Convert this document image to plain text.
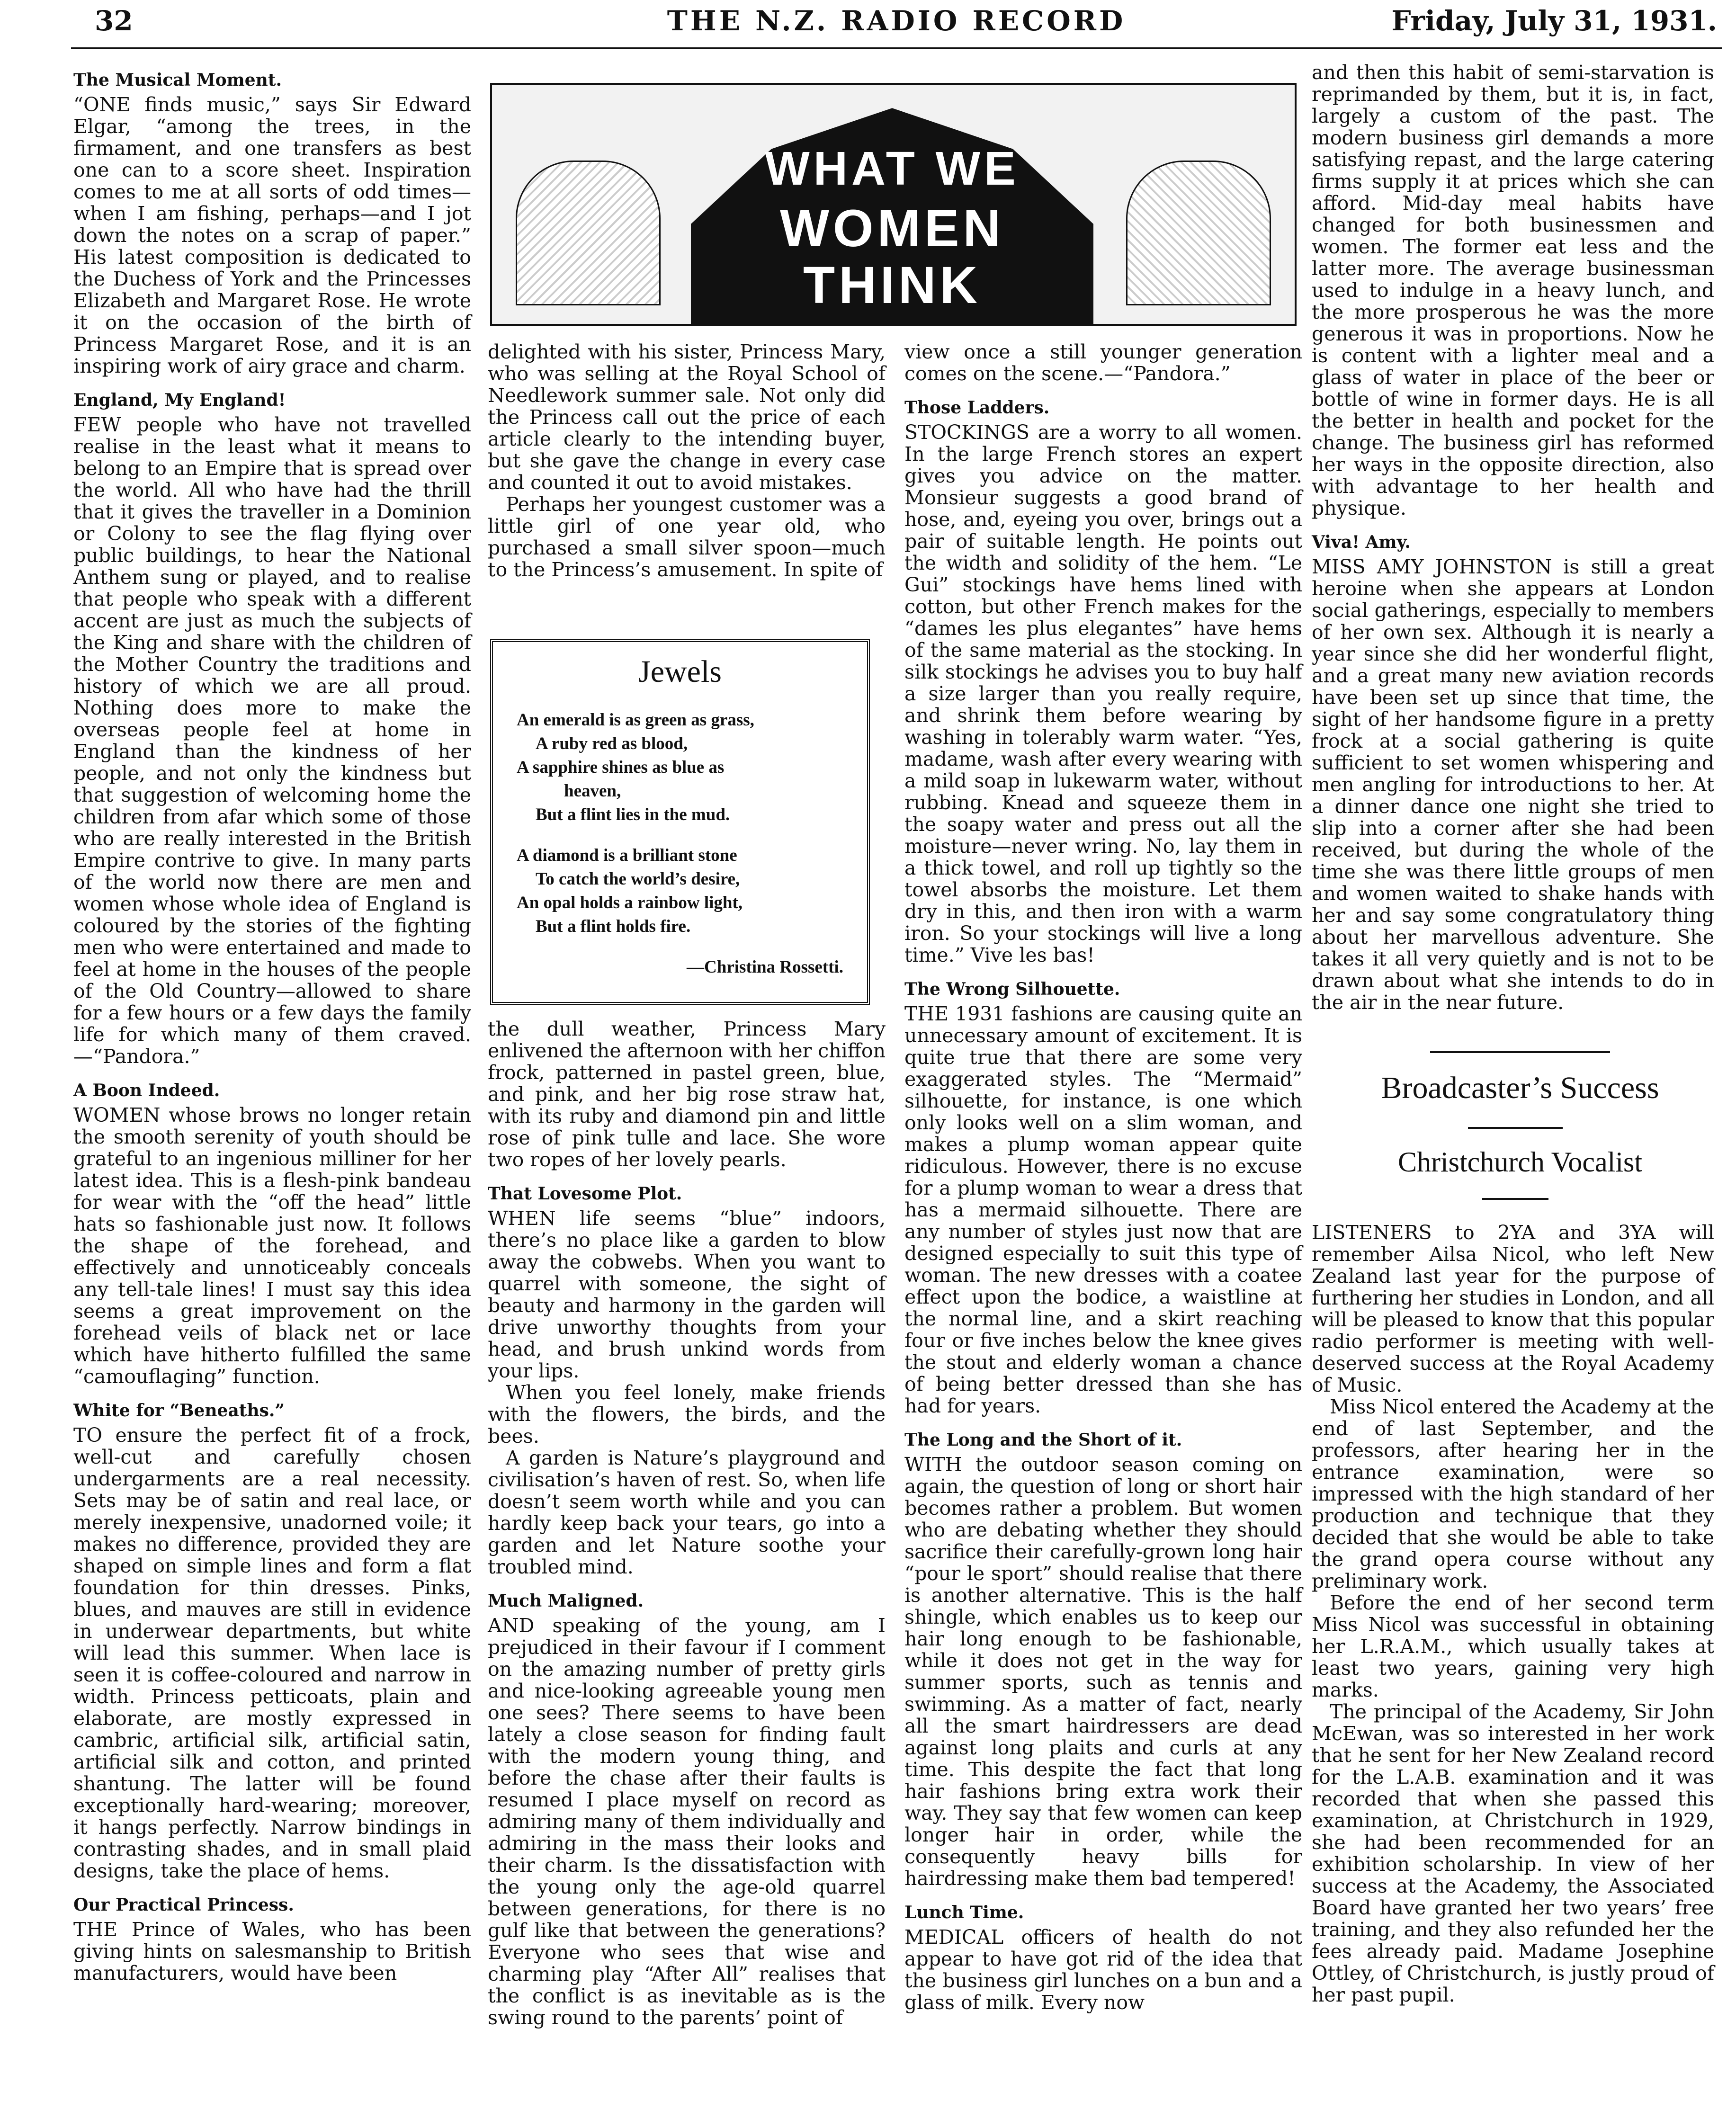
32	THE N.Z. RADIO RECORD	Friday, July 31, 1931.
The Musical Moment.

“ONE finds music,” says Sir Edward Elgar, “among the trees, in the firmament, and one transfers as best one can to a score sheet. Inspiration comes to me at all sorts of odd times—when I am fishing, perhaps—and I jot down the notes on a scrap of paper.” His latest composition is dedicated to the Duchess of York and the Princesses Elizabeth and Margaret Rose. He wrote it on the occasion of the birth of Princess Margaret Rose, and it is an inspiring work of airy grace and charm.

England, My England!

FEW people who have not travelled realise in the least what it means to belong to an Empire that is spread over the world. All who have had the thrill that it gives the traveller in a Dominion or Colony to see the flag flying over public buildings, to hear the National Anthem sung or played, and to realise that people who speak with a different accent are just as much the subjects of the King and share with the children of the Mother Country the traditions and history of which we are all proud. Nothing does more to make the overseas people feel at home in England than the kindness of her people, and not only the kindness but that suggestion of welcoming home the children from afar which some of those who are really interested in the British Empire contrive to give. In many parts of the world now there are men and women whose whole idea of England is coloured by the stories of the fighting men who were entertained and made to feel at home in the houses of the people of the Old Country—allowed to share for a few hours or a few days the family life for which many of them craved.—“Pandora.”

A Boon Indeed.

WOMEN whose brows no longer retain the smooth serenity of youth should be grateful to an ingenious milliner for her latest idea. This is a flesh-pink bandeau for wear with the “off the head” little hats so fashionable just now. It follows the shape of the forehead, and effectively and unnoticeably conceals any tell-tale lines! I must say this idea seems a great improvement on the forehead veils of black net or lace which have hitherto fulfilled the same “camouflaging” function.

White for “Beneaths.”

TO ensure the perfect fit of a frock, well-cut and carefully chosen undergarments are a real necessity. Sets may be of satin and real lace, or merely inexpensive, unadorned voile; it makes no difference, provided they are shaped on simple lines and form a flat foundation for thin dresses. Pinks, blues, and mauves are still in evidence in underwear departments, but white will lead this summer. When lace is seen it is coffee-coloured and narrow in width. Princess petticoats, plain and elaborate, are mostly expressed in cambric, artificial silk, artificial satin, artificial silk and cotton, and printed shantung. The latter will be found exceptionally hard-wearing; moreover, it hangs perfectly. Narrow bindings in contrasting shades, and in small plaid designs, take the place of hems.

Our Practical Princess.

THE Prince of Wales, who has been giving hints on salesmanship to British manufacturers, would have been

WHAT WE
WOMEN
THINK

delighted with his sister, Princess Mary, who was selling at the Royal School of Needlework summer sale. Not only did the Princess call out the price of each article clearly to the intending buyer, but she gave the change in every case and counted it out to avoid mistakes.

Perhaps her youngest customer was a little girl of one year old, who purchased a small silver spoon—much to the Princess’s amusement. In spite of

Jewels
An emerald is as green as grass,
A ruby red as blood,
A sapphire shines as blue as
heaven,
But a flint lies in the mud.
A diamond is a brilliant stone
To catch the world’s desire,
An opal holds a rainbow light,
But a flint holds fire.
—Christina Rossetti.

the dull weather, Princess Mary enlivened the afternoon with her chiffon frock, patterned in pastel green, blue, and pink, and her big rose straw hat, with its ruby and diamond pin and little rose of pink tulle and lace. She wore two ropes of her lovely pearls.

That Lovesome Plot.

WHEN life seems “blue” indoors, there’s no place like a garden to blow away the cobwebs. When you want to quarrel with someone, the sight of beauty and harmony in the garden will drive unworthy thoughts from your head, and brush unkind words from your lips.

When you feel lonely, make friends with the flowers, the birds, and the bees.

A garden is Nature’s playground and civilisation’s haven of rest. So, when life doesn’t seem worth while and you can hardly keep back your tears, go into a garden and let Nature soothe your troubled mind.

Much Maligned.

AND speaking of the young, am I prejudiced in their favour if I comment on the amazing number of pretty girls and nice-looking agreeable young men one sees? There seems to have been lately a close season for finding fault with the modern young thing, and before the chase after their faults is resumed I place myself on record as admiring many of them individually and admiring in the mass their looks and their charm. Is the dissatisfaction with the young only the age-old quarrel between generations, for there is no gulf like that between the generations? Everyone who sees that wise and charming play “After All” realises that the conflict is as inevitable as is the swing round to the parents’ point of

view once a still younger generation comes on the scene.—“Pandora.”

Those Ladders.

STOCKINGS are a worry to all women. In the large French stores an expert gives you advice on the matter. Monsieur suggests a good brand of hose, and, eyeing you over, brings out a pair of suitable length. He points out the width and solidity of the hem. “Le Gui” stockings have hems lined with cotton, but other French makes for the “dames les plus elegantes” have hems of the same material as the stocking. In silk stockings he advises you to buy half a size larger than you really require, and shrink them before wearing by washing in tolerably warm water. “Yes, madame, wash after every wearing with a mild soap in lukewarm water, without rubbing. Knead and squeeze them in the soapy water and press out all the moisture—never wring. No, lay them in a thick towel, and roll up tightly so the towel absorbs the moisture. Let them dry in this, and then iron with a warm iron. So your stockings will live a long time.” Vive les bas!

The Wrong Silhouette.

THE 1931 fashions are causing quite an unnecessary amount of excitement. It is quite true that there are some very exaggerated styles. The “Mermaid” silhouette, for instance, is one which only looks well on a slim woman, and makes a plump woman appear quite ridiculous. However, there is no excuse for a plump woman to wear a dress that has a mermaid silhouette. There are any number of styles just now that are designed especially to suit this type of woman. The new dresses with a coatee effect upon the bodice, a waistline at the normal line, and a skirt reaching four or five inches below the knee gives the stout and elderly woman a chance of being better dressed than she has had for years.

The Long and the Short of it.

WITH the outdoor season coming on again, the question of long or short hair becomes rather a problem. But women who are debating whether they should sacrifice their carefully-grown long hair “pour le sport” should realise that there is another alternative. This is the half shingle, which enables us to keep our hair long enough to be fashionable, while it does not get in the way for summer sports, such as tennis and swimming. As a matter of fact, nearly all the smart hairdressers are dead against long plaits and curls at any time. This despite the fact that long hair fashions bring extra work their way. They say that few women can keep longer hair in order, while the consequently heavy bills for hairdressing make them bad tempered!

Lunch Time.

MEDICAL officers of health do not appear to have got rid of the idea that the business girl lunches on a bun and a glass of milk. Every now

and then this habit of semi-starvation is reprimanded by them, but it is, in fact, largely a custom of the past. The modern business girl demands a more satisfying repast, and the large catering firms supply it at prices which she can afford. Mid-day meal habits have changed for both businessmen and women. The former eat less and the latter more. The average businessman used to indulge in a heavy lunch, and the more prosperous he was the more generous it was in proportions. Now he is content with a lighter meal and a glass of water in place of the beer or bottle of wine in former days. He is all the better in health and pocket for the change. The business girl has reformed her ways in the opposite direction, also with advantage to her health and physique.

Viva! Amy.

MISS AMY JOHNSTON is still a great heroine when she appears at London social gatherings, especially to members of her own sex. Although it is nearly a year since she did her wonderful flight, and a great many new aviation records have been set up since that time, the sight of her handsome figure in a pretty frock at a social gathering is quite sufficient to set women whispering and men angling for introductions to her. At a dinner dance one night she tried to slip into a corner after she had been received, but during the whole of the time she was there little groups of men and women waited to shake hands with her and say some congratulatory thing about her marvellous adventure. She takes it all very quietly and is not to be drawn about what she intends to do in the air in the near future.

Broadcaster’s Success
Christchurch Vocalist

LISTENERS to 2YA and 3YA will remember Ailsa Nicol, who left New Zealand last year for the purpose of furthering her studies in London, and all will be pleased to know that this popular radio performer is meeting with well-deserved success at the Royal Academy of Music.

Miss Nicol entered the Academy at the end of last September, and the professors, after hearing her in the entrance examination, were so impressed with the high standard of her production and technique that they decided that she would be able to take the grand opera course without any preliminary work.

Before the end of her second term Miss Nicol was successful in obtaining her L.R.A.M., which usually takes at least two years, gaining very high marks.

The principal of the Academy, Sir John McEwan, was so interested in her work that he sent for her New Zealand record for the L.A.B. examination and it was recorded that when she passed this examination, at Christchurch in 1929, she had been recommended for an exhibition scholarship. In view of her success at the Academy, the Associated Board have granted her two years’ free training, and they also refunded her the fees already paid. Madame Josephine Ottley, of Christchurch, is justly proud of her past pupil.
